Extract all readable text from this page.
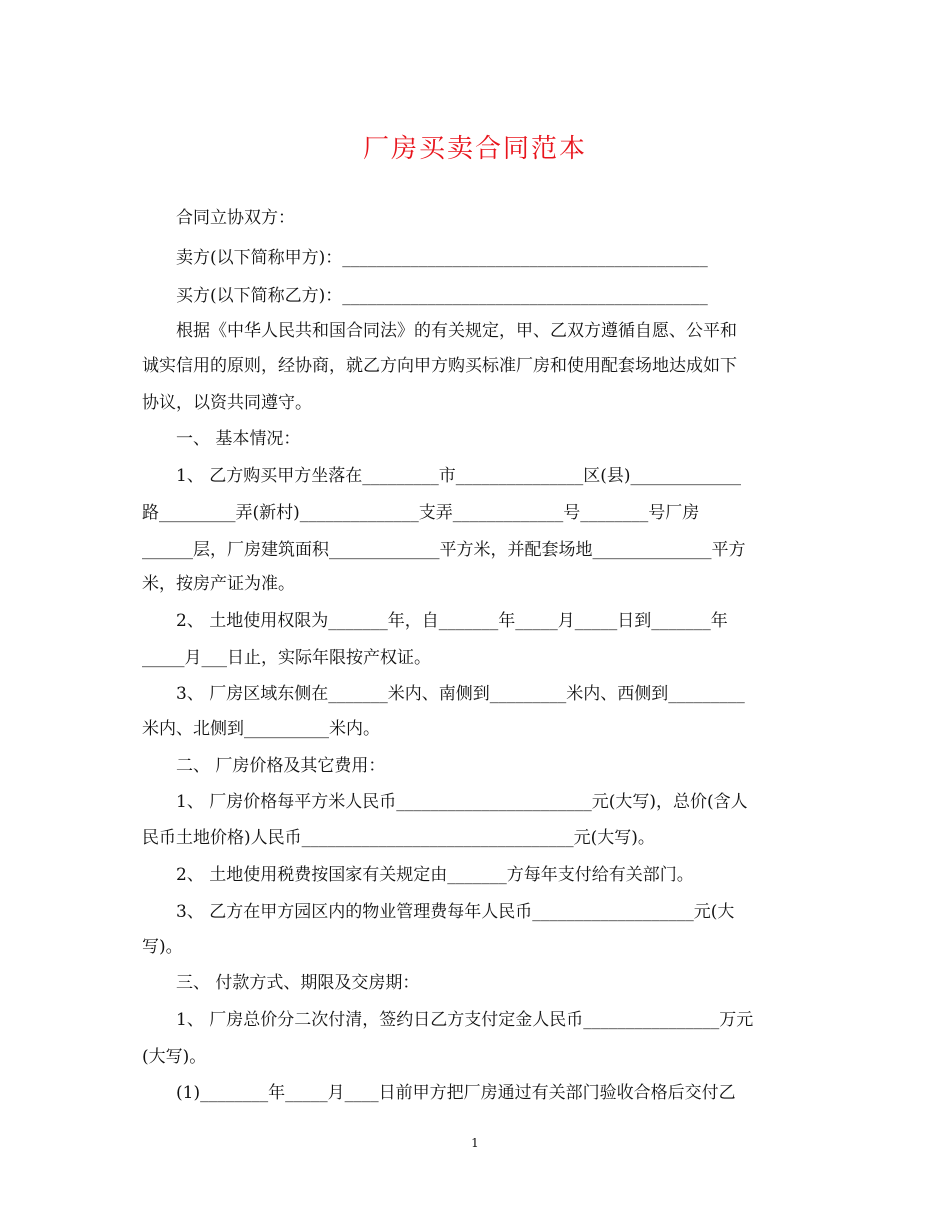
厂房买卖合同范本
　　合同立协双方：
　　卖方(以下简称甲方)：___________________________________________
　　买方(以下简称乙方)：___________________________________________
　　根据《中华人民共和国合同法》的有关规定，甲、乙双方遵循自愿、公平和
诚实信用的原则，经协商，就乙方向甲方购买标准厂房和使用配套场地达成如下
协议，以资共同遵守。
　　一、 基本情况：
　　1、 乙方购买甲方坐落在_________市_______________区(县)_____________
路_________弄(新村)______________支弄_____________号________号厂房
______层，厂房建筑面积_____________平方米，并配套场地______________平方
米，按房产证为准。
　　2、 土地使用权限为_______年，自_______年_____月_____日到_______年
_____月___日止，实际年限按产权证。
　　3、 厂房区域东侧在_______米内、南侧到_________米内、西侧到_________
米内、北侧到__________米内。
　　二、 厂房价格及其它费用：
　　1、 厂房价格每平方米人民币_______________________元(大写)，总价(含人
民币土地价格)人民币________________________________元(大写)。
　　2、 土地使用税费按国家有关规定由_______方每年支付给有关部门。
　　3、 乙方在甲方园区内的物业管理费每年人民币___________________元(大
写)。
　　三、 付款方式、期限及交房期：
　　1、 厂房总价分二次付清，签约日乙方支付定金人民币________________万元
(大写)。
　　(1)________年_____月____日前甲方把厂房通过有关部门验收合格后交付乙
1
